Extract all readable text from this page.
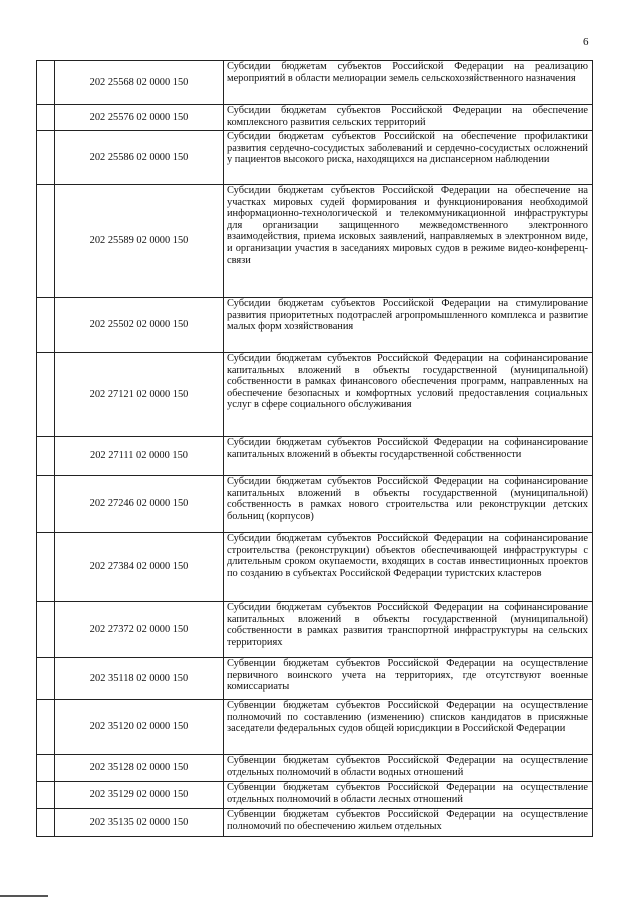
6
	202 25568 02 0000 150	Субсидии бюджетам субъектов Российской Федерации на реализацию мероприятий в области мелиорации земель сельскохозяйственного назначения
	202 25576 02 0000 150	Субсидии бюджетам субъектов Российской Федерации на обеспечение комплексного развития сельских территорий
	202 25586 02 0000 150	Субсидии бюджетам субъектов Российской на обеспечение профилактики развития сердечно-сосудистых заболеваний и сердечно-сосудистых осложнений у пациентов высокого риска, находящихся на диспансерном наблюдении
	202 25589 02 0000 150	Субсидии бюджетам субъектов Российской Федерации на обеспечение на участках мировых судей формирования и функционирования необходимой информационно-технологической и телекоммуникационной инфраструктуры для организации защищенного межведомственного электронного взаимодействия, приема исковых заявлений, направляемых в электронном виде, и организации участия в заседаниях мировых судов в режиме видео-конференц-связи
	202 25502 02 0000 150	Субсидии бюджетам субъектов Российской Федерации на стимулирование развития приоритетных подотраслей агропромышленного комплекса и развитие малых форм хозяйствования
	202 27121 02 0000 150	Субсидии бюджетам субъектов Российской Федерации на софинансирование капитальных вложений в объекты государственной (муниципальной) собственности в рамках финансового обеспечения программ, направленных на обеспечение безопасных и комфортных условий предоставления социальных услуг в сфере социального обслуживания
	202 27111 02 0000 150	Субсидии бюджетам субъектов Российской Федерации на софинансирование капитальных вложений в объекты государственной собственности
	202 27246 02 0000 150	Субсидии бюджетам субъектов Российской Федерации на софинансирование капитальных вложений в объекты государственной (муниципальной) собственность в рамках нового строительства или реконструкции детских больниц (корпусов)
	202 27384 02 0000 150	Субсидии бюджетам субъектов Российской Федерации на софинансирование строительства (реконструкции) объектов обеспечивающей инфраструктуры с длительным сроком окупаемости, входящих в состав инвестиционных проектов по созданию в субъектах Российской Федерации туристских кластеров
	202 27372 02 0000 150	Субсидии бюджетам субъектов Российской Федерации на софинансирование капитальных вложений в объекты государственной (муниципальной) собственности в рамках развития транспортной инфраструктуры на сельских территориях
	202 35118 02 0000 150	Субвенции бюджетам субъектов Российской Федерации на осуществление первичного воинского учета на территориях, где отсутствуют военные комиссариаты
	202 35120 02 0000 150	Субвенции бюджетам субъектов Российской Федерации на осуществление полномочий по составлению (изменению) списков кандидатов в присяжные заседатели федеральных судов общей юрисдикции в Российской Федерации
	202 35128 02 0000 150	Субвенции бюджетам субъектов Российской Федерации на осуществление отдельных полномочий в области водных отношений
	202 35129 02 0000 150	Субвенции бюджетам субъектов Российской Федерации на осуществление отдельных полномочий в области лесных отношений
	202 35135 02 0000 150	Субвенции бюджетам субъектов Российской Федерации на осуществление полномочий по обеспечению жильем отдельных
